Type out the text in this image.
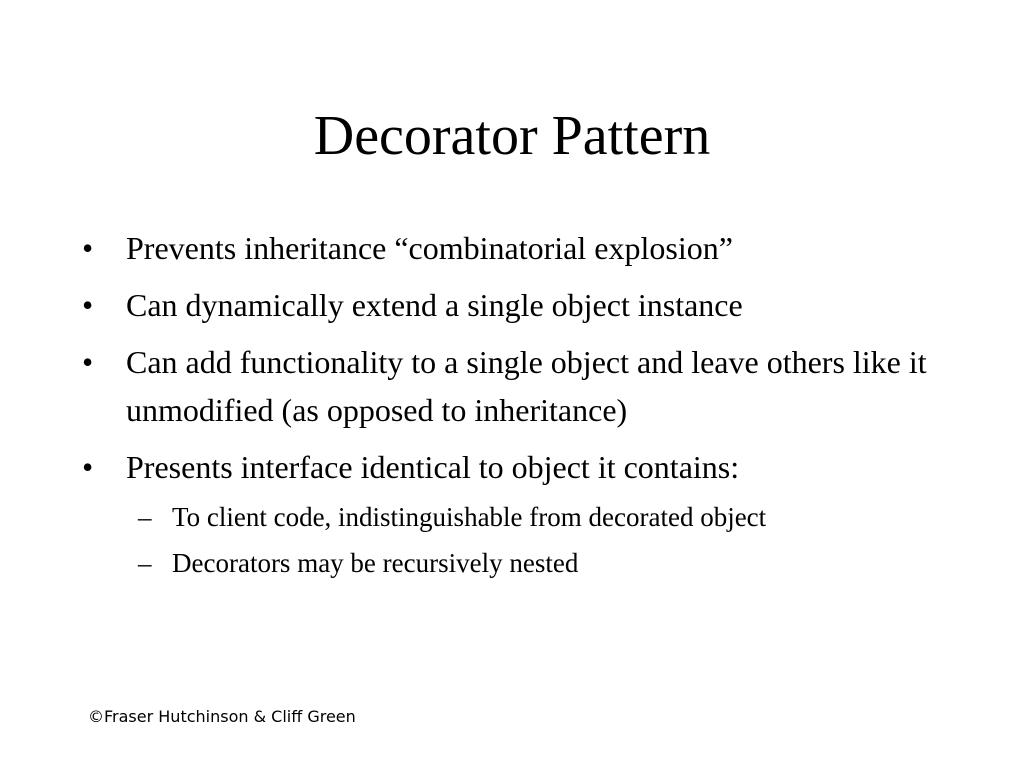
Decorator Pattern
•	Prevents inheritance “combinatorial explosion”
•	Can dynamically extend a single object instance
•	Can add functionality to a single object and leave others like it unmodified (as opposed to inheritance)
•	Presents interface identical to object it contains:
– To client code, indistinguishable from decorated object
– Decorators may be recursively nested
©Fraser Hutchinson & Cliff Green
